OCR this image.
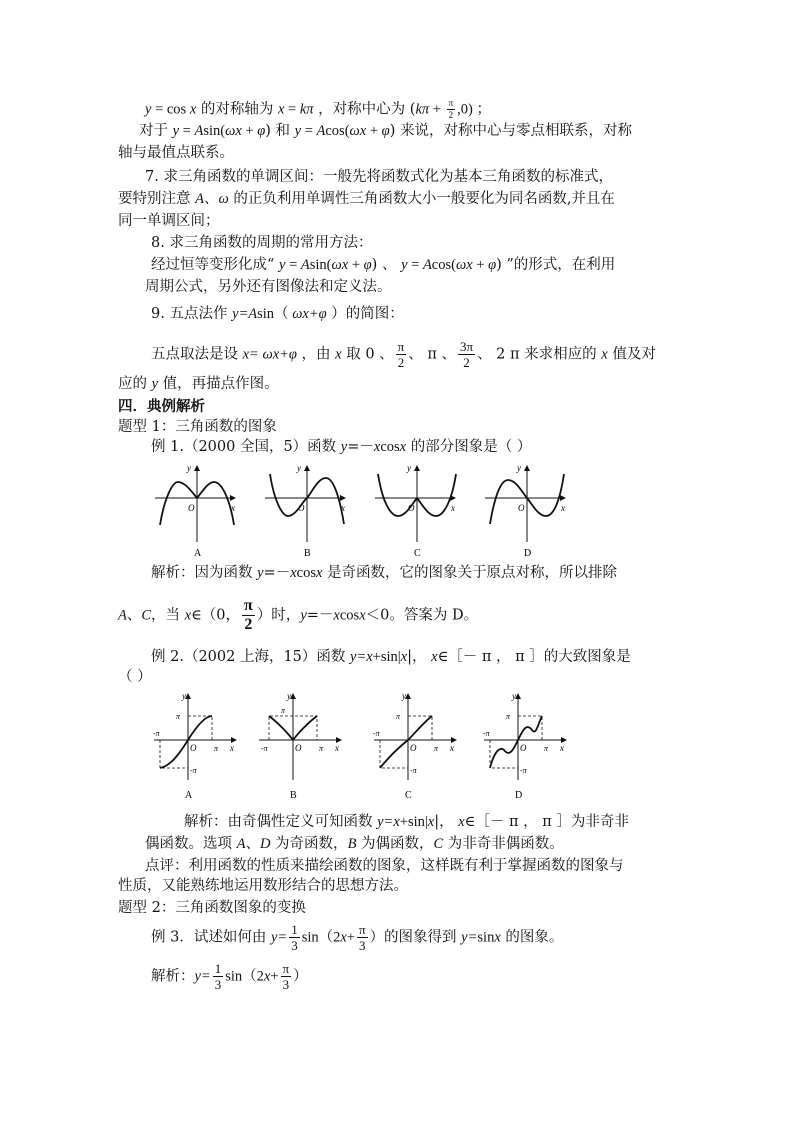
y = cos x 的对称轴为 x = kπ ，对称中心为 $(k\pi + \frac{\pi}{2} ,0)$ ；
对于 y = Asin(ωx + φ) 和 y = Acos(ωx + φ) 来说，对称中心与零点相联系，对称
轴与最值点联系。
7. 求三角函数的单调区间：一般先将函数式化为基本三角函数的标准式，
要特别注意 A、ω 的正负利用单调性三角函数大小一般要化为同名函数,并且在
同一单调区间；
8. 求三角函数的周期的常用方法：
经过恒等变形化成“ y = Asin(ωx + φ) 、 y = Acos(ωx + φ) ”的形式，在利用
周期公式，另外还有图像法和定义法。
9. 五点法作 y=Asin（ ωx+φ ）的简图：
五点取法是设 x= ωx+φ ，由 x 取 0 、 $\frac{\pi}{2}$ 、 π 、 $\frac{3\pi}{2}$ 、 2 π 来求相应的 x 值及对
应的 y 值，再描点作图。
四．典例解析
题型 1：三角函数的图象
例 1.（2000 全国，5）函数 y=－xcosx 的部分图象是（ ）
y
O	x
A
y
O	x
B
y
O	x
C
y
O	x
D
解析：因为函数 y=－xcosx 是奇函数，它的图象关于原点对称，所以排除
A、C，当 x∈（0， $\frac{\pi}{2}$ ）时，y=－xcosx＜0。答案为 D。
例 2.（2002 上海，15）函数 y=x+sin|x|， x∈［－ π ， π ］的大致图象是
（ ）
y
π
-π
O π x
-π
A
y
π
-π	O π x
B
y
π
-π
O π x
-π
C
y
π
-π
O π x
-π
D
解析：由奇偶性定义可知函数 y=x+sin|x|， x∈［－ π ， π ］为非奇非
偶函数。选项 A、D 为奇函数，B 为偶函数，C 为非奇非偶函数。
点评：利用函数的性质来描绘函数的图象，这样既有利于掌握函数的图象与
性质，又能熟练地运用数形结合的思想方法。
题型 2：三角函数图象的变换
例 3．试述如何由 $y= \frac{1}{3} \sin(2x+ \frac{\pi}{3}$ ）的图象得到 y=sinx 的图象。
解析：$y= \frac{1}{3} \sin(2x+ \frac{\pi}{3}$ ）
